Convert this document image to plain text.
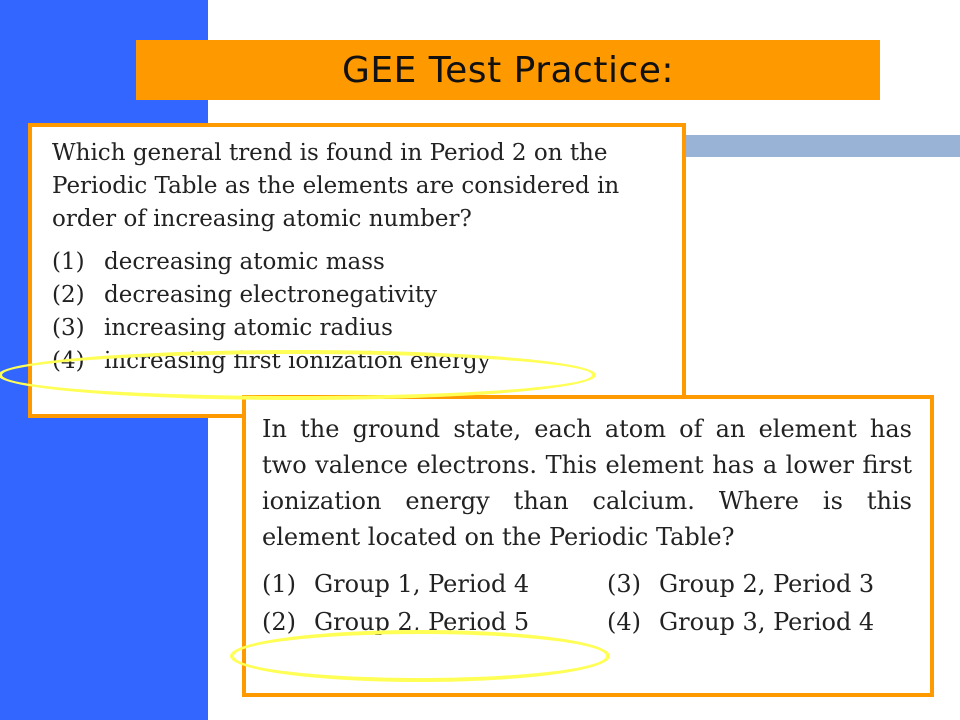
GEE Test Practice:

Which general trend is found in Period 2 on the Periodic Table as the elements are considered in order of increasing atomic number?

(1) decreasing atomic mass
(2) decreasing electronegativity
(3) increasing atomic radius
(4) increasing first ionization energy

In the ground state, each atom of an element has two valence electrons. This element has a lower first ionization energy than calcium. Where is this element located on the Periodic Table?

(1) Group 1, Period 4	(3) Group 2, Period 3
(2) Group 2, Period 5	(4) Group 3, Period 4
